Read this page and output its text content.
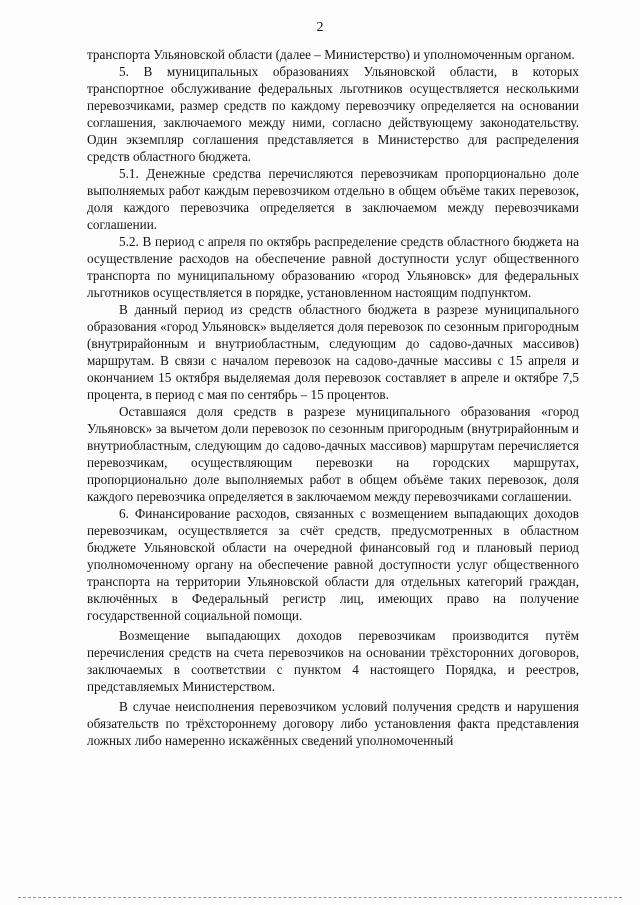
2

транспорта Ульяновской области (далее – Министерство) и уполномоченным органом.

5. В муниципальных образованиях Ульяновской области, в которых транспортное обслуживание федеральных льготников осуществляется несколькими перевозчиками, размер средств по каждому перевозчику определяется на основании соглашения, заключаемого между ними, согласно действующему законодательству. Один экземпляр соглашения представляется в Министерство для распределения средств областного бюджета.

5.1. Денежные средства перечисляются перевозчикам пропорционально доле выполняемых работ каждым перевозчиком отдельно в общем объёме таких перевозок, доля каждого перевозчика определяется в заключаемом между перевозчиками соглашении.

5.2. В период с апреля по октябрь распределение средств областного бюджета на осуществление расходов на обеспечение равной доступности услуг общественного транспорта по муниципальному образованию «город Ульяновск» для федеральных льготников осуществляется в порядке, установленном настоящим подпунктом.

В данный период из средств областного бюджета в разрезе муниципального образования «город Ульяновск» выделяется доля перевозок по сезонным пригородным (внутрирайонным и внутриобластным, следующим до садово-дачных массивов) маршрутам. В связи с началом перевозок на садово-дачные массивы с 15 апреля и окончанием 15 октября выделяемая доля перевозок составляет в апреле и октябре 7,5 процента, в период с мая по сентябрь – 15 процентов.

Оставшаяся доля средств в разрезе муниципального образования «город Ульяновск» за вычетом доли перевозок по сезонным пригородным (внутрирайонным и внутриобластным, следующим до садово-дачных массивов) маршрутам перечисляется перевозчикам, осуществляющим перевозки на городских маршрутах, пропорционально доле выполняемых работ в общем объёме таких перевозок, доля каждого перевозчика определяется в заключаемом между перевозчиками соглашении.

6. Финансирование расходов, связанных с возмещением выпадающих доходов перевозчикам, осуществляется за счёт средств, предусмотренных в областном бюджете Ульяновской области на очередной финансовый год и плановый период уполномоченному органу на обеспечение равной доступности услуг общественного транспорта на территории Ульяновской области для отдельных категорий граждан, включённых в Федеральный регистр лиц, имеющих право на получение государственной социальной помощи.

Возмещение выпадающих доходов перевозчикам производится путём перечисления средств на счета перевозчиков на основании трёхсторонних договоров, заключаемых в соответствии с пунктом 4 настоящего Порядка, и реестров, представляемых Министерством.

В случае неисполнения перевозчиком условий получения средств и нарушения обязательств по трёхстороннему договору либо установления факта представления ложных либо намеренно искажённых сведений уполномоченный
